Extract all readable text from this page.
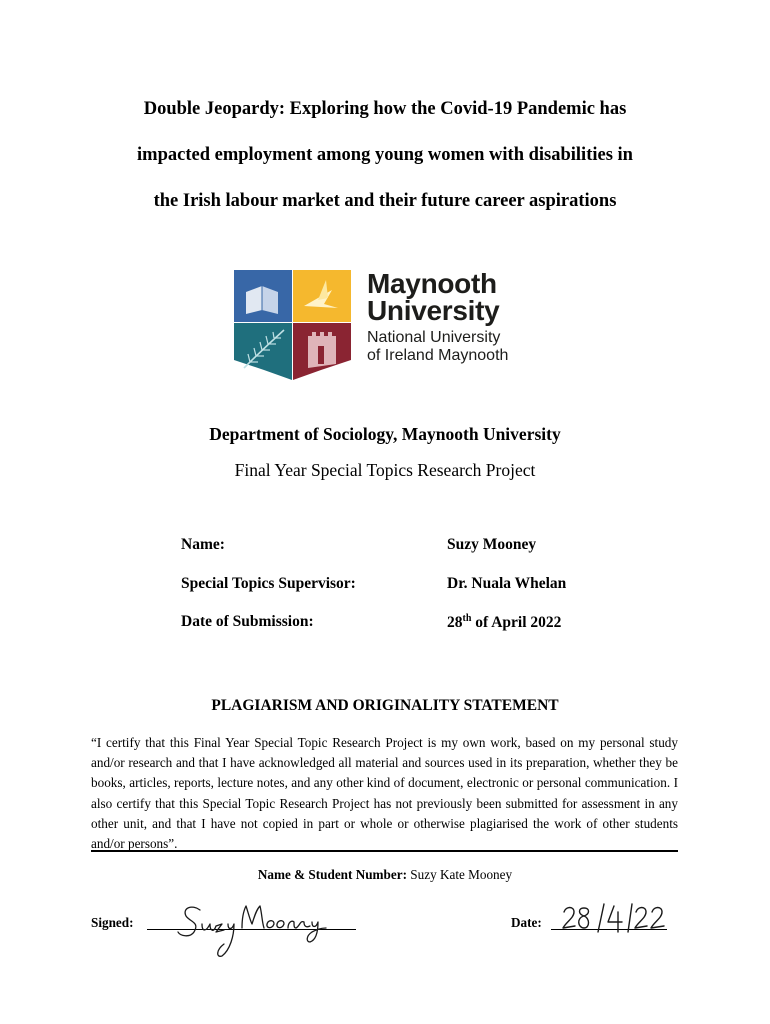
Double Jeopardy: Exploring how the Covid-19 Pandemic has
impacted employment among young women with disabilities in
the Irish labour market and their future career aspirations
Maynooth
University
National University
of Ireland Maynooth
Department of Sociology, Maynooth University
Final Year Special Topics Research Project
Name:	Suzy Mooney
Special Topics Supervisor:	Dr. Nuala Whelan
Date of Submission:	28th of April 2022
PLAGIARISM AND ORIGINALITY STATEMENT
“I certify that this Final Year Special Topic Research Project is my own work, based on my personal study and/or research and that I have acknowledged all material and sources used in its preparation, whether they be books, articles, reports, lecture notes, and any other kind of document, electronic or personal communication. I also certify that this Special Topic Research Project has not previously been submitted for assessment in any other unit, and that I have not copied in part or whole or otherwise plagiarised the work of other students and/or persons”.
Name & Student Number: Suzy Kate Mooney
Signed:	Date:
